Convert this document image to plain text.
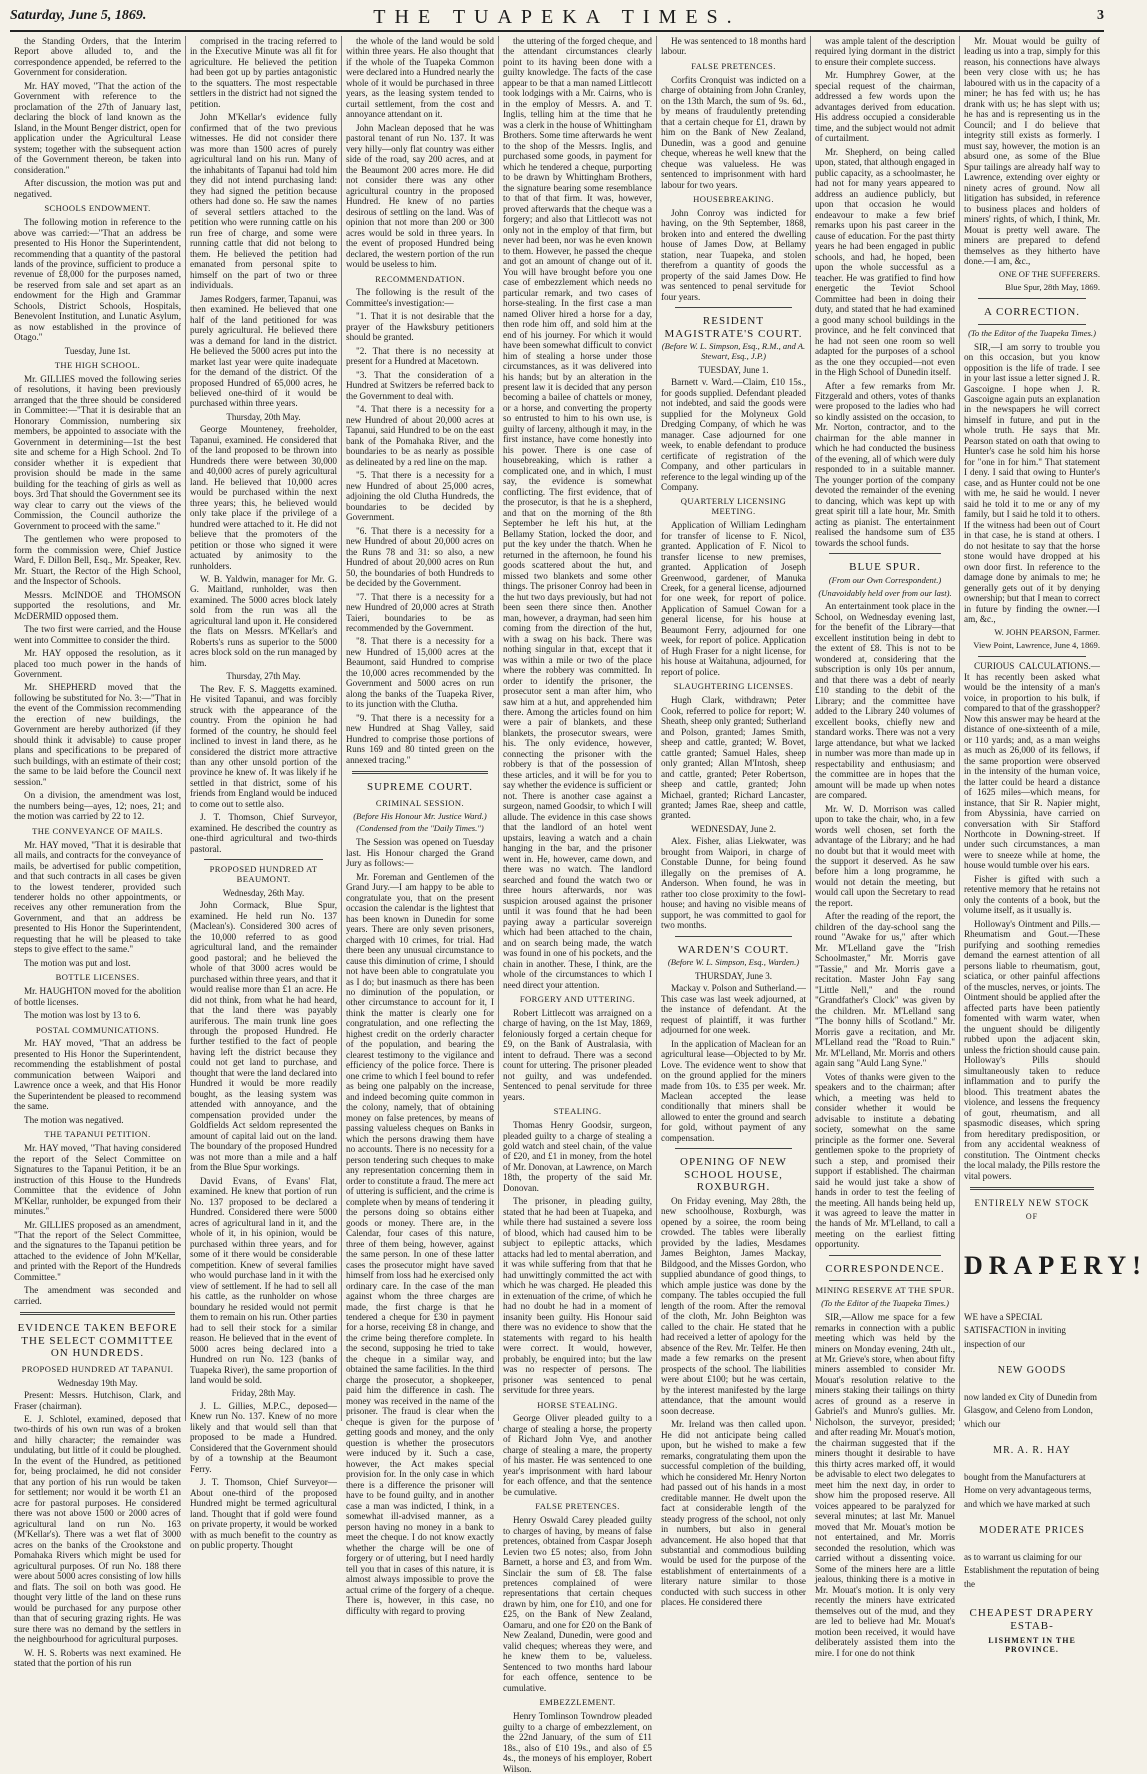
Saturday, June 5, 1869.	THE TUAPEKA TIMES.	3

the Standing Orders, that the Interim Report above alluded to, and the correspondence appended, be referred to the Government for consideration.

Mr. HAY moved, "That the action of the Government with reference to the proclamation of the 27th of January last, declaring the block of land known as the Island, in the Mount Benger district, open for application under the Agricultural Lease system; together with the subsequent action of the Government thereon, be taken into consideration."

After discussion, the motion was put and negatived.

SCHOOLS ENDOWMENT.

The following motion in reference to the above was carried:—"That an address be presented to His Honor the Superintendent, recommending that a quantity of the pastoral lands of the province, sufficient to produce a revenue of £8,000 for the purposes named, be reserved from sale and set apart as an endowment for the High and Grammar Schools, District Schools, Hospitals, Benevolent Institution, and Lunatic Asylum, as now established in the province of Otago."

Tuesday, June 1st.
THE HIGH SCHOOL.

Mr. GILLIES moved the following series of resolutions, it having been previously arranged that the three should be considered in Committee:—"That it is desirable that an Honorary Commission, numbering six members, be appointed to associate with the Government in determining—1st the best site and scheme for a High School. 2nd To consider whether it is expedient that provision should be made in the same building for the teaching of girls as well as boys. 3rd That should the Government see its way clear to carry out the views of the Commission, the Council authorize the Government to proceed with the same."

The gentlemen who were proposed to form the commission were, Chief Justice Ward, F. Dillon Bell, Esq., Mr. Speaker, Rev. Mr. Stuart, the Rector of the High School, and the Inspector of Schools.

Messrs. McINDOE and THOMSON supported the resolutions, and Mr. McDERMID opposed them.

The two first were carried, and the House went into Committee to consider the third.

Mr. HAY opposed the resolution, as it placed too much power in the hands of Government.

Mr. SHEPHERD moved that the following be substituted for No. 3:—"That in the event of the Commission recommending the erection of new buildings, the Government are hereby authorized (if they should think it advisable) to cause proper plans and specifications to be prepared of such buildings, with an estimate of their cost; the same to be laid before the Council next session."

On a division, the amendment was lost, the numbers being—ayes, 12; noes, 21; and the motion was carried by 22 to 12.

THE CONVEYANCE OF MAILS.

Mr. HAY moved, "That it is desirable that all mails, and contracts for the conveyance of mails, be advertised for public competition, and that such contracts in all cases be given to the lowest tenderer, provided such tenderer holds no other appointments, or receives any other remuneration from the Government, and that an address be presented to His Honor the Superintendent, requesting that he will be pleased to take steps to give effect to the same."

The motion was put and lost.

BOTTLE LICENSES.

Mr. HAUGHTON moved for the abolition of bottle licenses.

The motion was lost by 13 to 6.

POSTAL COMMUNICATIONS.

Mr. HAY moved, "That an address be presented to His Honor the Superintendent, recommending the establishment of postal communication between Waipori and Lawrence once a week, and that His Honor the Superintendent be pleased to recommend the same.

The motion was negatived.

THE TAPANUI PETITION.

Mr. HAY moved, "That having considered the report of the Select Committee on Signatures to the Tapanui Petition, it be an instruction of this House to the Hundreds Committee that the evidence of John M'Kellar, runholder, be expunged from their minutes."

Mr. GILLIES proposed as an amendment, "That the report of the Select Committee, and the signatures to the Tapanui petition be attached to the evidence of John M'Kellar, and printed with the Report of the Hundreds Committee."

The amendment was seconded and carried.

EVIDENCE TAKEN BEFORE THE SELECT COMMITTEE ON HUNDREDS.
PROPOSED HUNDRED AT TAPANUI.
Wednesday 19th May.

Present: Messrs. Hutchison, Clark, and Fraser (chairman).

E. J. Schlotel, examined, deposed that two-thirds of his own run was of a broken and hilly character; the remainder was undulating, but little of it could be ploughed. In the event of the Hundred, as petitioned for, being proclaimed, he did not consider that any portion of his run would be taken for settlement; nor would it be worth £1 an acre for pastoral purposes. He considered there was not above 1500 or 2000 acres of agricultural land on run No. 163 (M'Kellar's). There was a wet flat of 3000 acres on the banks of the Crookstone and Pomahaka Rivers which might be used for agricultural purposes. Of run No. 188 there were about 5000 acres consisting of low hills and flats. The soil on both was good. He thought very little of the land on these runs would be purchased for any purpose other than that of securing grazing rights. He was sure there was no demand by the settlers in the neighbourhood for agricultural purposes.

W. H. S. Roberts was next examined. He stated that the portion of his run

comprised in the tracing referred to in the Executive Minute was all fit for agriculture. He believed the petition had been got up by parties antagonistic to the squatters. The most respectable settlers in the district had not signed the petition.

John M'Kellar's evidence fully confirmed that of the two previous witnesses. He did not consider there was more than 1500 acres of purely agricultural land on his run. Many of the inhabitants of Tapanui had told him they did not intend purchasing land: they had signed the petition because others had done so. He saw the names of several settlers attached to the petition who were running cattle on his run free of charge, and some were running cattle that did not belong to them. He believed the petition had emanated from personal spite to himself on the part of two or three individuals.

James Rodgers, farmer, Tapanui, was then examined. He believed that one half of the land petitioned for was purely agricultural. He believed there was a demand for land in the district. He believed the 5000 acres put into the market last year were quite inadequate for the demand of the district. Of the proposed Hundred of 65,000 acres, he believed one-third of it would be purchased within three years.

Thursday, 20th May.

George Mounteney, freeholder, Tapanui, examined. He considered that of the land proposed to be thrown into Hundreds there were between 30,000 and 40,000 acres of purely agricultural land. He believed that 10,000 acres would be purchased within the next three years; this, he believed would only take place if the privilege of a hundred were attached to it. He did not believe that the promoters of the petition or those who signed it were actuated by animosity to the runholders.

W. B. Yaldwin, manager for Mr. G. G. Maitland, runholder, was then examined. The 5000 acres block lately sold from the run was all the agricultural land upon it. He considered the flats on Messrs. M'Kellar's and Roberts's runs as superior to the 5000 acres block sold on the run managed by him.

Thursday, 27th May.

The Rev. F. S. Maggetts examined. He visited Tapanui, and was forcibly struck with the appearance of the country. From the opinion he had formed of the country, he should feel inclined to invest in land there, as he considered the district more attractive than any other unsold portion of the province he knew of. It was likely if he settled in that district, some of his friends from England would be induced to come out to settle also.

J. T. Thomson, Chief Surveyor, examined. He described the country as one-third agricultural and two-thirds pastoral.

PROPOSED HUNDRED AT BEAUMONT.
Wednesday, 26th May.

John Cormack, Blue Spur, examined. He held run No. 137 (Maclean's). Considered 300 acres of the 10,000 referred to as good agricultural land, and the remainder good pastoral; and he believed the whole of that 3000 acres would be purchased within three years, and that it would realise more than £1 an acre. He did not think, from what he had heard, that the land there was payably auriferous. The main trunk line goes through the proposed Hundred. He further testified to the fact of people having left the district because they could not get land to purchase, and thought that were the land declared into Hundred it would be more readily bought, as the leasing system was attended with annoyance, and the compensation provided under the Goldfields Act seldom represented the amount of capital laid out on the land. The boundary of the proposed Hundred was not more than a mile and a half from the Blue Spur workings.

David Evans, of Evans' Flat, examined. He knew that portion of run No. 137 proposed to be declared a Hundred. Considered there were 5000 acres of agricultural land in it, and the whole of it, in his opinion, would be purchased within three years, and for some of it there would be considerable competition. Knew of several families who would purchase land in it with the view of settlement. If he had to sell all his cattle, as the runholder on whose boundary he resided would not permit them to remain on his run. Other parties had to sell their stock for a similar reason. He believed that in the event of 5000 acres being declared into a Hundred on run No. 123 (banks of Tuapeka River), the same proportion of land would be sold.

Friday, 28th May.

J. L. Gillies, M.P.C., deposed—Knew run No. 137. Knew of no more likely and that would sell than that proposed to be made a Hundred. Considered that the Government should by of a township at the Beaumont Ferry.

J. T. Thomson, Chief Surveyor—About one-third of the proposed Hundred might be termed agricultural land. Thought that if gold were found on private property, it would be worked with as much benefit to the country as on public property. Thought

the whole of the land would be sold within three years. He also thought that if the whole of the Tuapeka Common were declared into a Hundred nearly the whole of it would be purchased in three years, as the leasing system tended to curtail settlement, from the cost and annoyance attendant on it.

John Maclean deposed that he was pastoral tenant of run No. 137. It was very hilly—only flat country was either side of the road, say 200 acres, and at the Beaumont 200 acres more. He did not consider there was any other agricultural country in the proposed Hundred. He knew of no parties desirous of settling on the land. Was of opinion that not more than 200 or 300 acres would be sold in three years. In the event of proposed Hundred being declared, the western portion of the run would be useless to him.

RECOMMENDATION.

The following is the result of the Committee's investigation:—

"1. That it is not desirable that the prayer of the Hawksbury petitioners should be granted.

"2. That there is no necessity at present for a Hundred at Macetown.

"3. That the consideration of a Hundred at Switzers be referred back to the Government to deal with.

"4. That there is a necessity for a new Hundred of about 20,000 acres at Tapanui, said Hundred to be on the east bank of the Pomahaka River, and the boundaries to be as nearly as possible as delineated by a red line on the map.

"5. That there is a necessity for a new Hundred of about 25,000 acres, adjoining the old Clutha Hundreds, the boundaries to be decided by Government.

"6. That there is a necessity for a new Hundred of about 20,000 acres on the Runs 78 and 31: so also, a new Hundred of about 20,000 acres on Run 50, the boundaries of both Hundreds to be decided by the Government.

"7. That there is a necessity for a new Hundred of 20,000 acres at Strath Taieri, boundaries to be as recommended by the Government.

"8. That there is a necessity for a new Hundred of 15,000 acres at the Beaumont, said Hundred to comprise the 10,000 acres recommended by the Government and 5000 acres on run along the banks of the Tuapeka River, to its junction with the Clutha.

"9. That there is a necessity for a new Hundred at Shag Valley, said Hundred to comprise those portions of Runs 169 and 80 tinted green on the annexed tracing."

SUPREME COURT.
CRIMINAL SESSION.
(Before His Honour Mr. Justice Ward.)
(Condensed from the "Daily Times.")

The Session was opened on Tuesday last. His Honour charged the Grand Jury as follows:—

Mr. Foreman and Gentlemen of the Grand Jury.—I am happy to be able to congratulate you, that on the present occasion the calendar is the lightest that has been known in Dunedin for some years. There are only seven prisoners, charged with 10 crimes, for trial. Had there been any unusual circumstance to cause this diminution of crime, I should not have been able to congratulate you as I do; but inasmuch as there has been no diminution of the population, or other circumstance to account for it, I think the matter is clearly one for congratulation, and one reflecting the highest credit on the orderly character of the population, and bearing the clearest testimony to the vigilance and efficiency of the police force. There is one crime to which I feel bound to refer as being one palpably on the increase, and indeed becoming quite common in the colony, namely, that of obtaining money on false pretences, by means of passing valueless cheques on Banks in which the persons drawing them have no accounts. There is no necessity for a person tendering such cheques to make any representation concerning them in order to constitute a fraud. The mere act of uttering is sufficient, and the crime is complete when by means of tendering it the persons doing so obtains either goods or money. There are, in the Calendar, four cases of this nature, three of them being, however, against the same person. In one of these latter cases the prosecutor might have saved himself from loss had he exercised only ordinary care. In the case of the man against whom the three charges are made, the first charge is that he tendered a cheque for £30 in payment for a horse, receiving £8 in change, and the crime being therefore complete. In the second, supposing he tried to take the cheque in a similar way, and obtained the same facilities. In the third charge the prosecutor, a shopkeeper, paid him the difference in cash. The money was received in the name of the prisoner. The fraud is clear when the cheque is given for the purpose of getting goods and money, and the only question is whether the prosecutors were induced by it. Such a case, however, the Act makes special provision for. In the only case in which there is a difference the prisoner will have to be found guilty, and in another case a man was indicted, I think, in a somewhat ill-advised manner, as a person having no money in a bank to meet the cheque. I do not know exactly whether the charge will be one of forgery or of uttering, but I need hardly tell you that in cases of this nature, it is almost always impossible to prove the actual crime of the forgery of a cheque. There is, however, in this case, no difficulty with regard to proving

the uttering of the forged cheque, and the attendant circumstances clearly point to its having been done with a guilty knowledge. The facts of the case appear to be that a man named Littlecott took lodgings with a Mr. Cairns, who is in the employ of Messrs. A. and T. Inglis, telling him at the time that he was a clerk in the house of Whittingham Brothers. Some time afterwards he went to the shop of the Messrs. Inglis, and purchased some goods, in payment for which he tendered a cheque, purporting to be drawn by Whittingham Brothers, the signature bearing some resemblance to that of that firm. It was, however, proved afterwards that the cheque was a forgery; and also that Littlecott was not only not in the employ of that firm, but never had been, nor was he even known to them. However, he passed the cheque and got an amount of change out of it. You will have brought before you one case of embezzlement which needs no particular remark, and two cases of horse-stealing. In the first case a man named Oliver hired a horse for a day, then rode him off, and sold him at the end of his journey. For which it would have been somewhat difficult to convict him of stealing a horse under those circumstances, as it was delivered into his hands; but by an alteration in the present law it is decided that any person becoming a bailee of chattels or money, or a horse, and converting the property so entrusted to him to his own use, is guilty of larceny, although it may, in the first instance, have come honestly into his power. There is one case of housebreaking, which is rather a complicated one, and in which, I must say, the evidence is somewhat conflicting. The first evidence, that of the prosecutor, is that he is a shepherd, and that on the morning of the 8th September he left his hut, at the Bellamy Station, locked the door, and put the key under the thatch. When he returned in the afternoon, he found his goods scattered about the hut, and missed two blankets and some other things. The prisoner Conroy had been in the hut two days previously, but had not been seen there since then. Another man, however, a drayman, had seen him coming from the direction of the hut, with a swag on his back. There was nothing singular in that, except that it was within a mile or two of the place where the robbery was committed. In order to identify the prisoner, the prosecutor sent a man after him, who saw him at a hut, and apprehended him there. Among the articles found on him were a pair of blankets, and these blankets, the prosecutor swears, were his. The only evidence, however, connecting the prisoner with the robbery is that of the possession of these articles, and it will be for you to say whether the evidence is sufficient or not. There is another case against a surgeon, named Goodsir, to which I will allude. The evidence in this case shows that the landlord of an hotel went upstairs, leaving a watch and a chain hanging in the bar, and the prisoner went in. He, however, came down, and there was no watch. The landlord searched and found the watch two or three hours afterwards, nor was suspicion aroused against the prisoner until it was found that he had been paying away a particular sovereign which had been attached to the chain, and on search being made, the watch was found in one of his pockets, and the chain in another. These, I think, are the whole of the circumstances to which I need direct your attention.

FORGERY AND UTTERING.

Robert Littlecott was arraigned on a charge of having, on the 1st May, 1869, feloniously forged a certain cheque for £9, on the Bank of Australasia, with intent to defraud. There was a second count for uttering. The prisoner pleaded not guilty, and was undefended. Sentenced to penal servitude for three years.

STEALING.

Thomas Henry Goodsir, surgeon, pleaded guilty to a charge of stealing a gold watch and steel chain, of the value of £20, and £1 in money, from the hotel of Mr. Donovan, at Lawrence, on March 18th, the property of the said Mr. Donovan.

The prisoner, in pleading guilty, stated that he had been at Tuapeka, and while there had sustained a severe loss of blood, which had caused him to be subject to epileptic attacks, which attacks had led to mental aberration, and it was while suffering from that that he had unwittingly committed the act with which he was charged. He pleaded this in extenuation of the crime, of which he had no doubt he had in a moment of insanity been guilty. His Honour said there was no evidence to show that the statements with regard to his health were correct. It would, however, probably, be enquired into; but the law was no respecter of persons. The prisoner was sentenced to penal servitude for three years.

HORSE STEALING.

George Oliver pleaded guilty to a charge of stealing a horse, the property of Richard John Vye, and another charge of stealing a mare, the property of his master. He was sentenced to one year's imprisonment with hard labour for each offence, and that the sentence be cumulative.

FALSE PRETENCES.

Henry Oswald Carey pleaded guilty to charges of having, by means of false pretences, obtained from Caspar Joseph Levien two £5 notes; also, from John Barnett, a horse and £3, and from Wm. Sinclair the sum of £8. The false pretences complained of were representations that certain cheques drawn by him, one for £10, and one for £25, on the Bank of New Zealand, Oamaru, and one for £20 on the Bank of New Zealand, Dunedin, were good and valid cheques; whereas they were, and he knew them to be, valueless. Sentenced to two months hard labour for each offence, sentence to be cumulative.

EMBEZZLEMENT.

Henry Tomlinson Towndrow pleaded guilty to a charge of embezzlement, on the 22nd January, of the sum of £11 18s., also of £10 19s., and also of £5 4s., the moneys of his employer, Robert Wilson.

He was sentenced to 18 months hard labour.

FALSE PRETENCES.

Corfits Cronquist was indicted on a charge of obtaining from John Cranley, on the 13th March, the sum of 9s. 6d., by means of fraudulently pretending that a certain cheque for £1, drawn by him on the Bank of New Zealand, Dunedin, was a good and genuine cheque, whereas he well knew that the cheque was valueless. He was sentenced to imprisonment with hard labour for two years.

HOUSEBREAKING.

John Conroy was indicted for having, on the 9th September, 1868, broken into and entered the dwelling house of James Dow, at Bellamy station, near Tuapeka, and stolen therefrom a quantity of goods the property of the said James Dow. He was sentenced to penal servitude for four years.

RESIDENT MAGISTRATE'S COURT.
(Before W. L. Simpson, Esq., R.M., and A. Stewart, Esq., J.P.)
TUESDAY, June 1.

Barnett v. Ward.—Claim, £10 15s., for goods supplied. Defendant pleaded not indebted, and said the goods were supplied for the Molyneux Gold Dredging Company, of which he was manager. Case adjourned for one week, to enable defendant to produce certificate of registration of the Company, and other particulars in reference to the legal winding up of the Company.

QUARTERLY LICENSING MEETING.

Application of William Ledingham for transfer of license to F. Nicol, granted. Application of F. Nicol to transfer license to new premises, granted. Application of Joseph Greenwood, gardener, of Manuka Creek, for a general license, adjourned for one week, for report of police. Application of Samuel Cowan for a general license, for his house at Beaumont Ferry, adjourned for one week, for report of police. Application of Hugh Fraser for a night license, for his house at Waitahuna, adjourned, for report of police.

SLAUGHTERING LICENSES.

Hugh Clark, withdrawn; Peter Cook, referred to police for report; W. Sheath, sheep only granted; Sutherland and Polson, granted; James Smith, sheep and cattle, granted; W. Bovet, cattle granted; Samuel Hales, sheep only granted; Allan M'Intosh, sheep and cattle, granted; Peter Robertson, sheep and cattle, granted; John Michael, granted; Richard Lancaster, granted; James Rae, sheep and cattle, granted.

WEDNESDAY, June 2.

Alex. Fisher, alias Liekwater, was brought from Waipori, in charge of Constable Dunne, for being found illegally on the premises of A. Anderson. When found, he was in rather too close proximity to the fowl-house; and having no visible means of support, he was committed to gaol for two months.

WARDEN'S COURT.
(Before W. L. Simpson, Esq., Warden.)
THURSDAY, June 3.

Mackay v. Polson and Sutherland.—This case was last week adjourned, at the instance of defendant. At the request of plaintiff, it was further adjourned for one week.

In the application of Maclean for an agricultural lease—Objected to by Mr. Love. The evidence went to show that on the ground applied for the miners made from 10s. to £35 per week. Mr. Maclean accepted the lease conditionally that miners shall be allowed to enter the ground and search for gold, without payment of any compensation.

OPENING OF NEW SCHOOL HOUSE, ROXBURGH.

On Friday evening, May 28th, the new schoolhouse, Roxburgh, was opened by a soiree, the room being crowded. The tables were liberally provided by the ladies, Mesdames James Beighton, James Mackay, Bildgood, and the Misses Gordon, who supplied abundance of good things, to which ample justice was done by the company. The tables occupied the full length of the room. After the removal of the cloth, Mr. John Beighton was called to the chair. He stated that he had received a letter of apology for the absence of the Rev. Mr. Telfer. He then made a few remarks on the present prospects of the school. The liabilities were about £100; but he was certain, by the interest manifested by the large attendance, that the amount would soon decrease.

Mr. Ireland was then called upon. He did not anticipate being called upon, but he wished to make a few remarks, congratulating them upon the successful completion of the building, which he considered Mr. Henry Norton had passed out of his hands in a most creditable manner. He dwelt upon the fact at considerable length of the steady progress of the school, not only in numbers, but also in general advancement. He also hoped that that substantial and commodious building would be used for the purpose of the establishment of entertainments of a literary nature similar to those conducted with such success in other places. He considered there

was ample talent of the description required lying dormant in the district to ensure their complete success.

Mr. Humphrey Gower, at the special request of the chairman, addressed a few words upon the advantages derived from education. His address occupied a considerable time, and the subject would not admit of curtailment.

Mr. Shepherd, on being called upon, stated, that although engaged in public capacity, as a schoolmaster, he had not for many years appeared to address an audience publicly, but upon that occasion he would endeavour to make a few brief remarks upon his past career in the cause of education. For the past thirty years he had been engaged in public schools, and had, he hoped, been upon the whole successful as a teacher. He was gratified to find how energetic the Teviot School Committee had been in doing their duty, and stated that he had examined a good many school buildings in the province, and he felt convinced that he had not seen one room so well adapted for the purposes of a school as the one they occupied—not even in the High School of Dunedin itself.

After a few remarks from Mr. Fitzgerald and others, votes of thanks were proposed to the ladies who had so kindly assisted on the occasion, to Mr. Norton, contractor, and to the chairman for the able manner in which he had conducted the business of the evening, all of which were duly responded to in a suitable manner. The younger portion of the company devoted the remainder of the evening to dancing, which was kept up with great spirit till a late hour, Mr. Smith acting as pianist. The entertainment realised the handsome sum of £35 towards the school funds.

BLUE SPUR.
(From our Own Correspondent.)
(Unavoidably held over from our last).

An entertainment took place in the School, on Wednesday evening last, for the benefit of the Library—that excellent institution being in debt to the extent of £8. This is not to be wondered at, considering that the subscription is only 10s per annum, and that there was a debt of nearly £10 standing to the debit of the Library; and the committee have added to the Library 240 volumes of excellent books, chiefly new and standard works. There was not a very large attendance, but what we lacked in number was more than made up in respectability and enthusiasm; and the committee are in hopes that the amount will be made up when notes are compared.

Mr. W. D. Morrison was called upon to take the chair, who, in a few words well chosen, set forth the advantage of the Library; and he had no doubt but that it would meet with the support it deserved. As he saw before him a long programme, he would not detain the meeting, but would call upon the Secretary to read the report.

After the reading of the report, the children of the day-school sang the round "Awake for us," after which Mr. M'Lelland gave the "Irish Schoolmaster," Mr. Morris gave "Tassie," and Mr. Morris gave a recitation. Master John Fay sang "Little Nell," and the round "Grandfather's Clock" was given by the children. Mr. M'Lelland sang "The bonny hills of Scotland." Mr. Morris gave a recitation, and Mr. M'Lelland read the "Road to Ruin." Mr. M'Lelland, Mr. Morris and others again sang "Auld Lang Syne."

Votes of thanks were given to the speakers and to the chairman; after which, a meeting was held to consider whether it would be advisable to institute a debating society, somewhat on the same principle as the former one. Several gentlemen spoke to the propriety of such a step, and promised their support if established. The chairman said he would just take a show of hands in order to test the feeling of the meeting. All hands being held up, it was agreed to leave the matter in the hands of Mr. M'Lelland, to call a meeting on the earliest fitting opportunity.

CORRESPONDENCE.
MINING RESERVE AT THE SPUR.
(To the Editor of the Tuapeka Times.)

SIR,—Allow me space for a few remarks in connection with a public meeting which was held by the miners on Monday evening, 24th ult., at Mr. Grieve's store, when about fifty miners assembled to consider Mr. Mouat's resolution relative to the miners staking their tailings on thirty acres of ground as a reserve in Gabriel's and Munro's gullies. Mr. Nicholson, the surveyor, presided; and after reading Mr. Mouat's motion, the chairman suggested that if the miners thought it desirable to have this thirty acres marked off, it would be advisable to elect two delegates to meet him the next day, in order to show him the proposed reserve. All voices appeared to be paralyzed for several minutes; at last Mr. Manuel moved that Mr. Mouat's motion be not entertained, and Mr. Morris seconded the resolution, which was carried without a dissenting voice. Some of the miners here are a little jealous, thinking there is a motive in Mr. Mouat's motion. It is only very recently the miners have extricated themselves out of the mud, and they are led to believe had Mr. Mouat's motion been received, it would have deliberately assisted them into the mire. I for one do not think

Mr. Mouat would be guilty of leading us into a trap, simply for this reason, his connections have always been very close with us; he has laboured with us in the capacity of a miner; he has fed with us; he has drank with us; he has slept with us; he has and is representing us in the Council; and I do believe that integrity still exists as formerly. I must say, however, the motion is an absurd one, as some of the Blue Spur tailings are already half way to Lawrence, extending over eighty or ninety acres of ground. Now all litigation has subsided, in reference to business places and holders of miners' rights, of which, I think, Mr. Mouat is pretty well aware. The miners are prepared to defend themselves as they hitherto have done.—I am, &c.,

ONE OF THE SUFFERERS.
Blue Spur, 28th May, 1869.
A CORRECTION.
(To the Editor of the Tuapeka Times.)

SIR,—I am sorry to trouble you on this occasion, but you know opposition is the life of trade. I see in your last issue a letter signed J. R. Gascoigne. I hope when J. R. Gascoigne again puts an explanation in the newspapers he will correct himself in future, and put in the whole truth. He says that Mr. Pearson stated on oath that owing to Hunter's case he sold him his horse for "one in for him." That statement I deny. I said that owing to Hunter's case, and as Hunter could not be one with me, he said he would. I never said he told it to me or any of my family, but I said he told it to others. If the witness had been out of Court in that case, he is stand at others. I do not hesitate to say that the horse stone would have dropped at his own door first. In reference to the damage done by animals to me; he generally gets out of it by denying ownership; but that I mean to correct in future by finding the owner.—I am, &c.,

W. JOHN PEARSON, Farmer.
View Point, Lawrence, June 4, 1869.

CURIOUS CALCULATIONS.—It has recently been asked what would be the intensity of a man's voice, in proportion to his bulk, if compared to that of the grasshopper? Now this answer may be heard at the distance of one-sixteenth of a mile, or 110 yards; and, as a man weighs as much as 26,000 of its fellows, if the same proportion were observed in the intensity of the human voice, the latter could be heard a distance of 1625 miles—which means, for instance, that Sir R. Napier might, from Abyssinia, have carried on conversation with Sir Stafford Northcote in Downing-street. If under such circumstances, a man were to sneeze while at home, the house would tumble over his ears.

Fisher is gifted with such a retentive memory that he retains not only the contents of a book, but the volume itself, as it usually is.

Holloway's Ointment and Pills.—Rheumatism and Gout.—These purifying and soothing remedies demand the earnest attention of all persons liable to rheumatism, gout, sciatica, or other painful affections of the muscles, nerves, or joints. The Ointment should be applied after the affected parts have been patiently fomented with warm water, when the unguent should be diligently rubbed upon the adjacent skin, unless the friction should cause pain. Holloway's Pills should simultaneously taken to reduce inflammation and to purify the blood. This treatment abates the violence, and lessens the frequency of gout, rheumatism, and all spasmodic diseases, which spring from hereditary predisposition, or from any accidental weakness of constitution. The Ointment checks the local malady, the Pills restore the vital powers.

ENTIRELY NEW STOCK
OF
DRAPERY!
WE have a SPECIAL SATISFACTION in inviting inspection of our
NEW GOODS
now landed ex City of Dunedin from Glasgow, and Celeno from London, which our
MR. A. R. HAY
bought from the Manufacturers at Home on very advantageous terms, and which we have marked at such
MODERATE PRICES
as to warrant us claiming for our Establishment the reputation of being the
CHEAPEST DRAPERY ESTAB-
LISHMENT IN THE PROVINCE.
